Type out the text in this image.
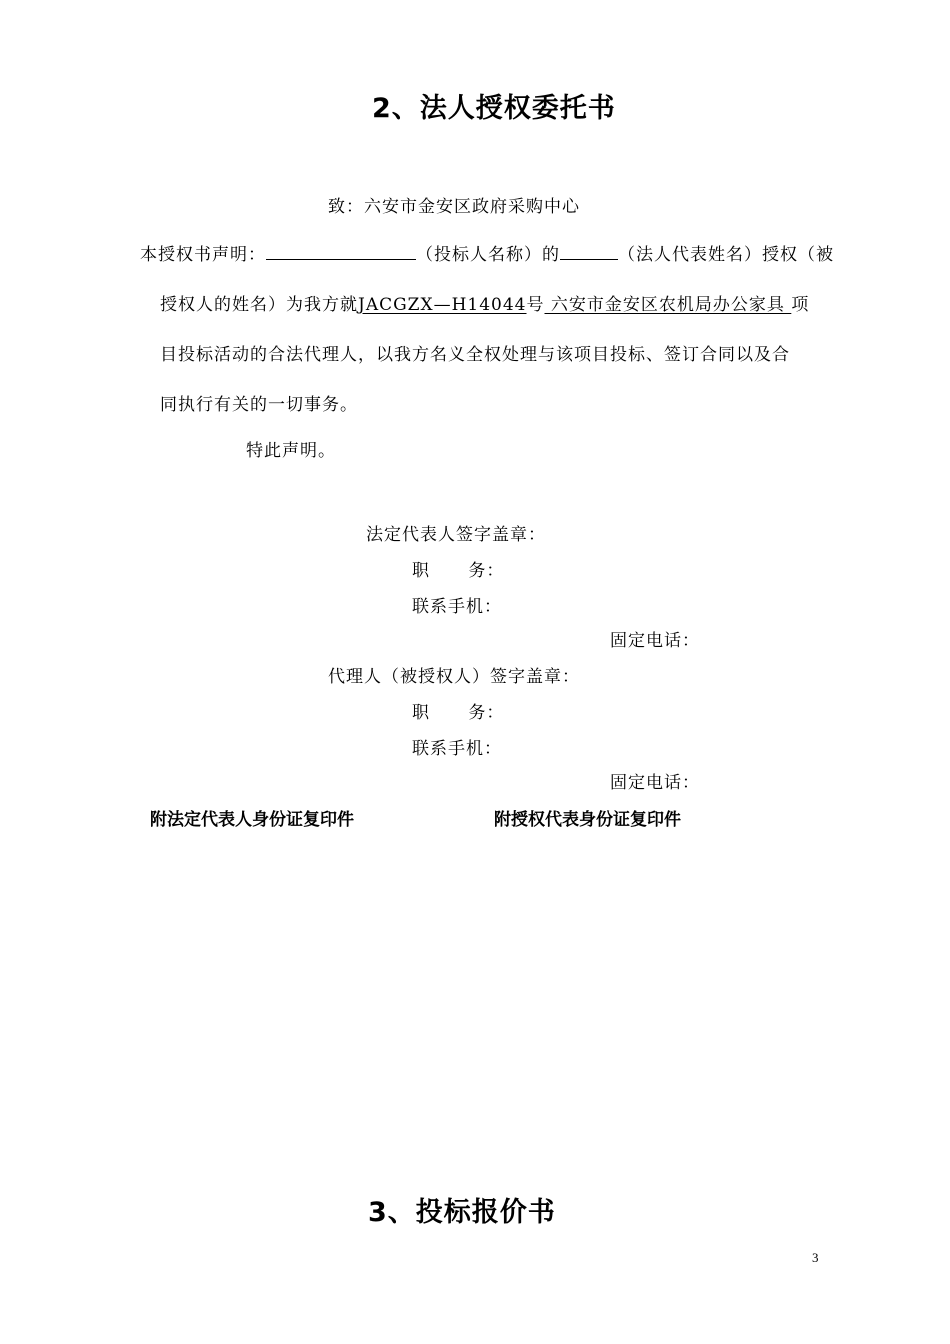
2、法人授权委托书
致：六安市金安区政府采购中心
本授权书声明：	（投标人名称）的	（法人代表姓名）授权（被
授权人的姓名）为我方就JACGZX—H14044号 六安市金安区农机局办公家具 项
目投标活动的合法代理人，以我方名义全权处理与该项目投标、签订合同以及合
同执行有关的一切事务。
特此声明。
法定代表人签字盖章：
职      务：
联系手机：
固定电话：
代理人（被授权人）签字盖章：
职      务：
联系手机：
固定电话：
附法定代表人身份证复印件	附授权代表身份证复印件
3、投标报价书
3
